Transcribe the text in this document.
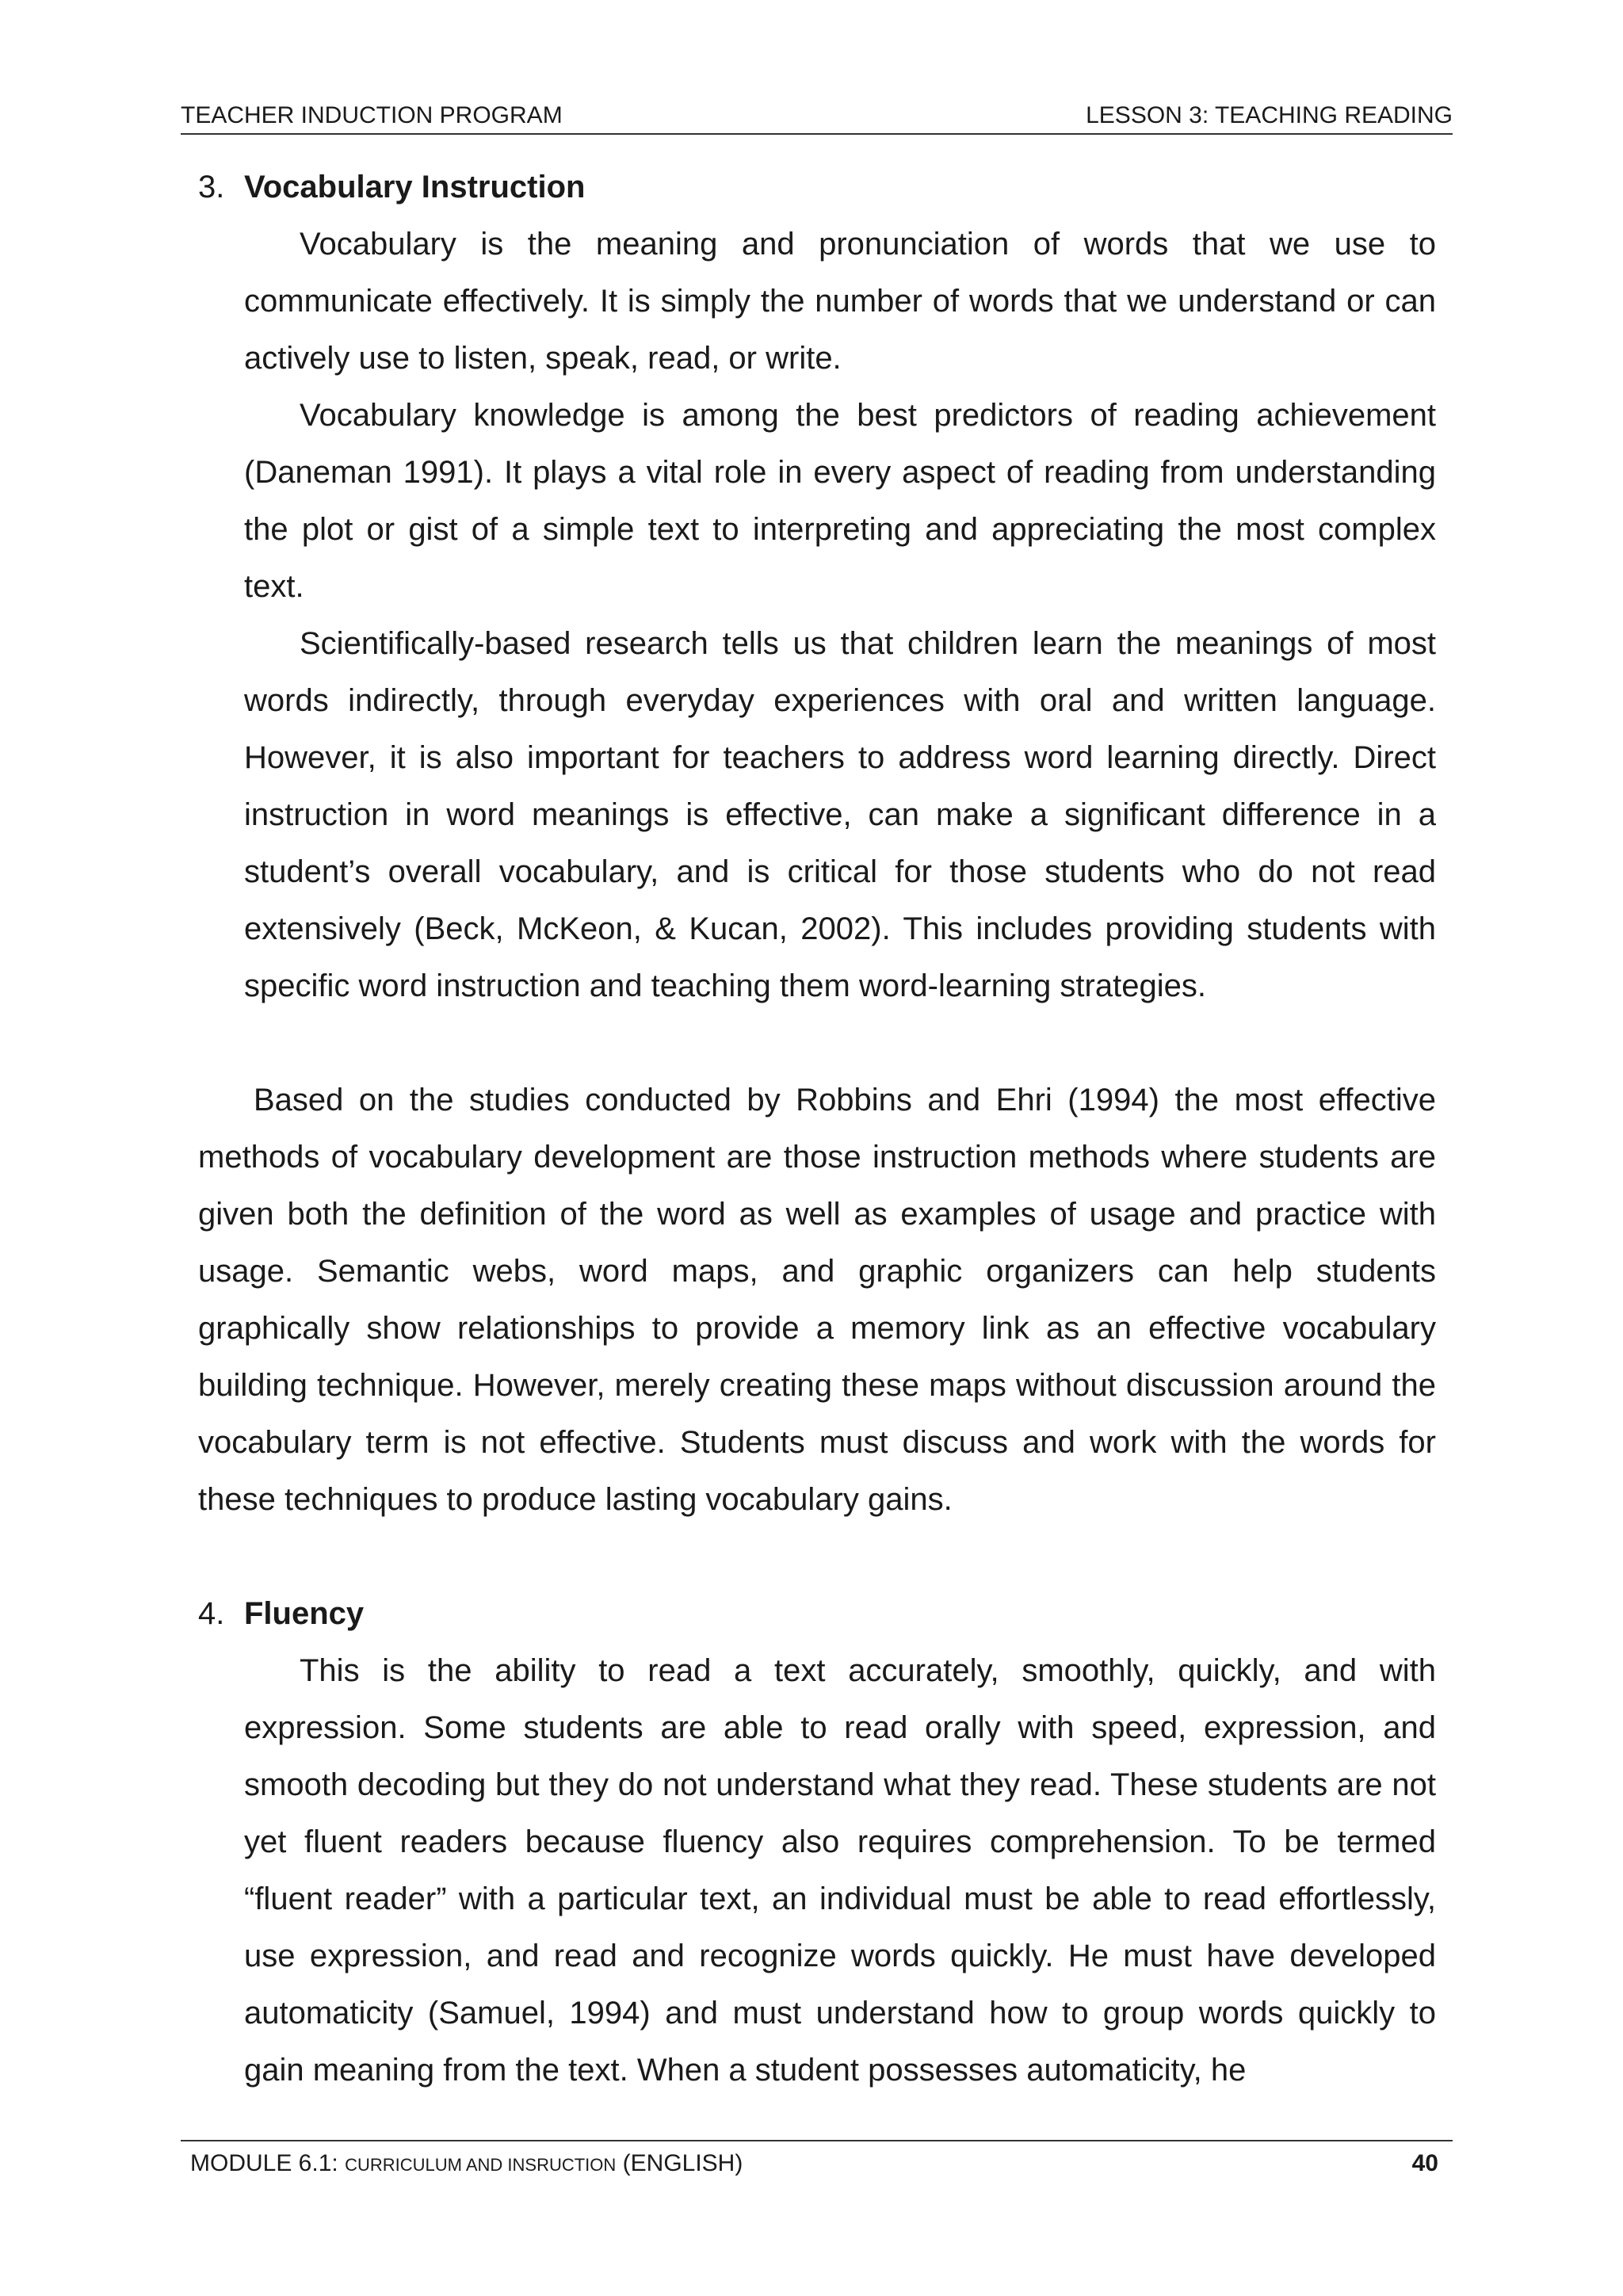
TEACHER INDUCTION PROGRAM	LESSON 3: TEACHING READING
3. Vocabulary Instruction

Vocabulary is the meaning and pronunciation of words that we use to communicate effectively. It is simply the number of words that we understand or can actively use to listen, speak, read, or write.

Vocabulary knowledge is among the best predictors of reading achievement (Daneman 1991). It plays a vital role in every aspect of reading from understanding the plot or gist of a simple text to interpreting and appreciating the most complex text.

Scientifically-based research tells us that children learn the meanings of most words indirectly, through everyday experiences with oral and written language. However, it is also important for teachers to address word learning directly. Direct instruction in word meanings is effective, can make a significant difference in a student’s overall vocabulary, and is critical for those students who do not read extensively (Beck, McKeon, & Kucan, 2002). This includes providing students with specific word instruction and teaching them word-learning strategies.

Based on the studies conducted by Robbins and Ehri (1994) the most effective methods of vocabulary development are those instruction methods where students are given both the definition of the word as well as examples of usage and practice with usage. Semantic webs, word maps, and graphic organizers can help students graphically show relationships to provide a memory link as an effective vocabulary building technique. However, merely creating these maps without discussion around the vocabulary term is not effective. Students must discuss and work with the words for these techniques to produce lasting vocabulary gains.

4. Fluency

This is the ability to read a text accurately, smoothly, quickly, and with expression. Some students are able to read orally with speed, expression, and smooth decoding but they do not understand what they read. These students are not yet fluent readers because fluency also requires comprehension. To be termed “fluent reader” with a particular text, an individual must be able to read effortlessly, use expression, and read and recognize words quickly. He must have developed automaticity (Samuel, 1994) and must understand how to group words quickly to gain meaning from the text. When a student possesses automaticity, he

MODULE 6.1: CURRICULUM AND INSRUCTION (ENGLISH)	40
